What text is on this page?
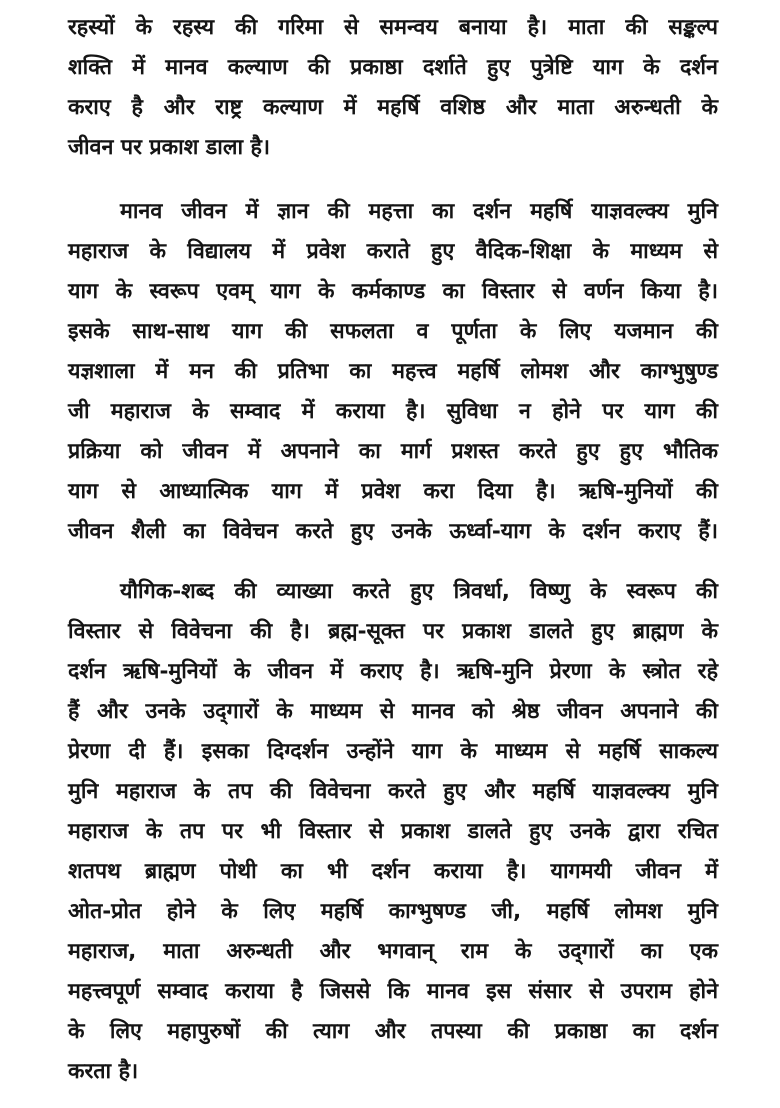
रहस्यों के रहस्य की गरिमा से समन्वय बनाया है। माता की सङ्कल्प
शक्ति में मानव कल्याण की प्रकाष्ठा दर्शाते हुए पुत्रेष्टि याग के दर्शन
कराए है और राष्ट्र कल्याण में महर्षि वशिष्ठ और माता अरुन्धती के
जीवन पर प्रकाश डाला है।
मानव जीवन में ज्ञान की महत्ता का दर्शन महर्षि याज्ञवल्क्य मुनि
महाराज के विद्यालय में प्रवेश कराते हुए वैदिक-शिक्षा के माध्यम से
याग के स्वरूप एवम् याग के कर्मकाण्ड का विस्तार से वर्णन किया है।
इसके साथ-साथ याग की सफलता व पूर्णता के लिए यजमान की
यज्ञशाला में मन की प्रतिभा का महत्त्व महर्षि लोमश और काग्भुषुण्ड
जी महाराज के सम्वाद में कराया है। सुविधा न होने पर याग की
प्रक्रिया को जीवन में अपनाने का मार्ग प्रशस्त करते हुए हुए भौतिक
याग से आध्यात्मिक याग में प्रवेश करा दिया है। ऋषि-मुनियों की
जीवन शैली का विवेचन करते हुए उनके ऊर्ध्वा-याग के दर्शन कराए हैं।
यौगिक-शब्द की व्याख्या करते हुए त्रिवर्धा, विष्णु के स्वरूप की
विस्तार से विवेचना की है। ब्रह्म-सूक्त पर प्रकाश डालते हुए ब्राह्मण के
दर्शन ऋषि-मुनियों के जीवन में कराए है। ऋषि-मुनि प्रेरणा के स्त्रोत रहे
हैं और उनके उद्‌गारों के माध्यम से मानव को श्रेष्ठ जीवन अपनाने की
प्रेरणा दी हैं। इसका दिग्दर्शन उन्होंने याग के माध्यम से महर्षि साकल्य
मुनि महाराज के तप की विवेचना करते हुए और महर्षि याज्ञवल्क्य मुनि
महाराज के तप पर भी विस्तार से प्रकाश डालते हुए उनके द्वारा रचित
शतपथ ब्राह्मण पोथी का भी दर्शन कराया है। यागमयी जीवन में
ओत-प्रोत होने के लिए महर्षि काग्भुषण्ड जी, महर्षि लोमश मुनि
महाराज, माता अरुन्धती और भगवान् राम के उद्‌गारों का एक
महत्त्वपूर्ण सम्वाद कराया है जिससे कि मानव इस संसार से उपराम होने
के लिए महापुरुषों की त्याग और तपस्या की प्रकाष्ठा का दर्शन
करता है।
